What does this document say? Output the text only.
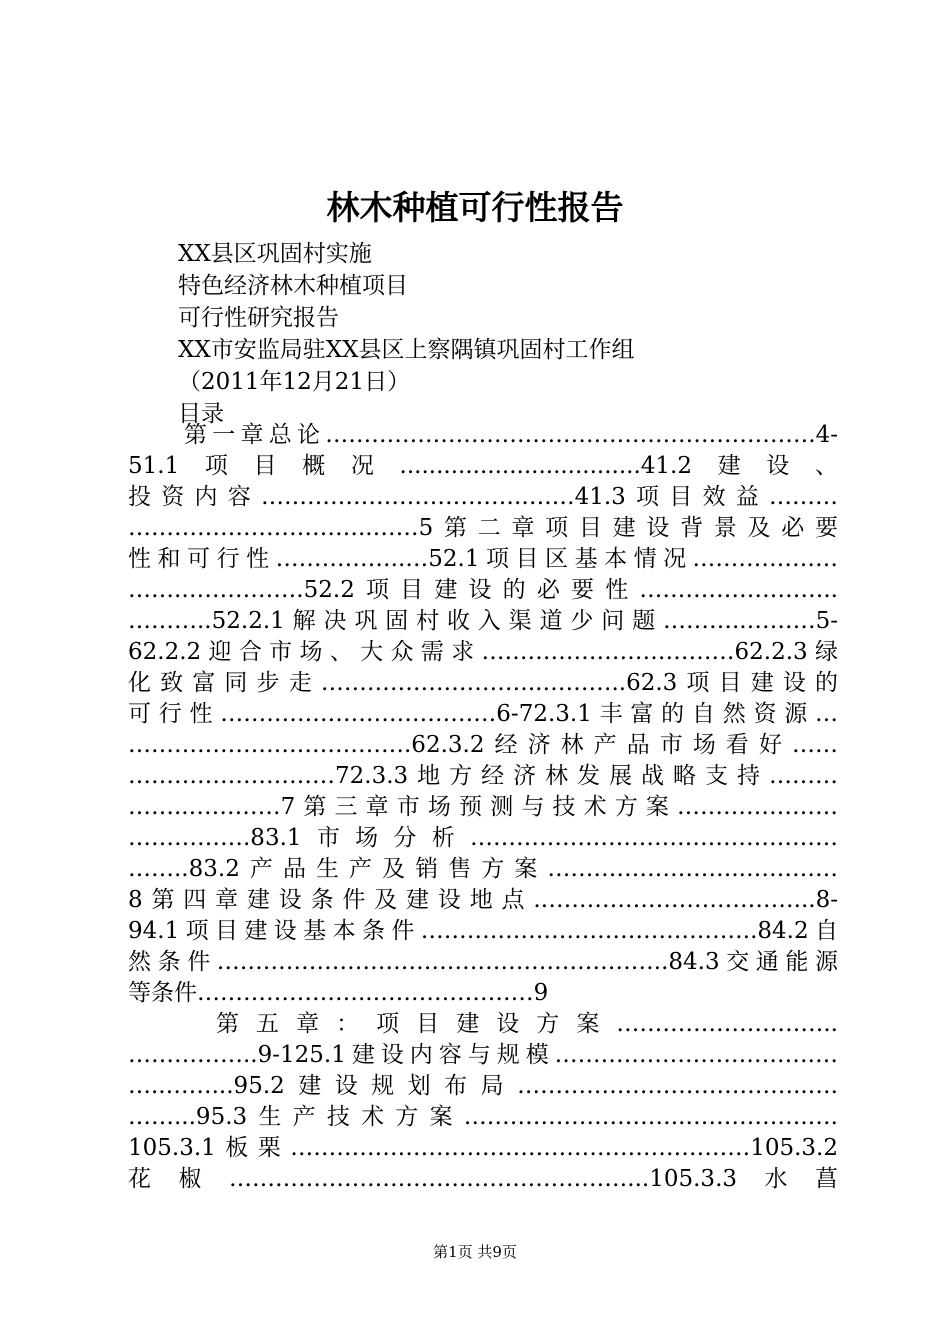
林木种植可行性报告
XX县区巩固村实施
特色经济林木种植项目
可行性研究报告
XX市安监局驻XX县区上察隅镇巩固村工作组
（2011年12月21日）
目录
第一章总论……………………………………………………….4-
51.1项目概况.................................41.2建设、
投资内容…………………………….….…41.3项目效益………
…………………………..……5第二章项目建设背景及必要
性和可行性……………..…52.1项目区基本情况.………………
…….…………….52.2项目建设的必要性……………………..
………..52.2.1解决巩固村收入渠道少问题………..………5-
62.2.2迎合市场、大众需求……………………………62.2.3绿
化致富同步走………………………..………..62.3项目建设的
可行性………………………………6-72.3.1丰富的自然资源…
……………………………….62.3.2经济林产品市场看好……
………………………72.3.3地方经济林发展战略支持………
……..…………7第三章市场预测与技术方案…………………
…………….83.1市场分析…………………………………………
……..83.2产品生产及销售方案……………………..…………
8第四章建设条件及建设地点.……………………………...8-
94.1项目建设基本条件……………………………………..84.2自
然条件…………………………………………………..84.3交通能源
等条件…………………..…………………9
第五章：项目建设方案………………………..
……………..9-125.1建设内容与规模…………………………….…
…..……...95.2建设规划布局………………………………..….
……...95.3生产技术方案………………………..…………….….
105.3.1板栗……………………………………………………105.3.2
花椒………………………….…………………...105.3.3水菖
第1页 共9页
